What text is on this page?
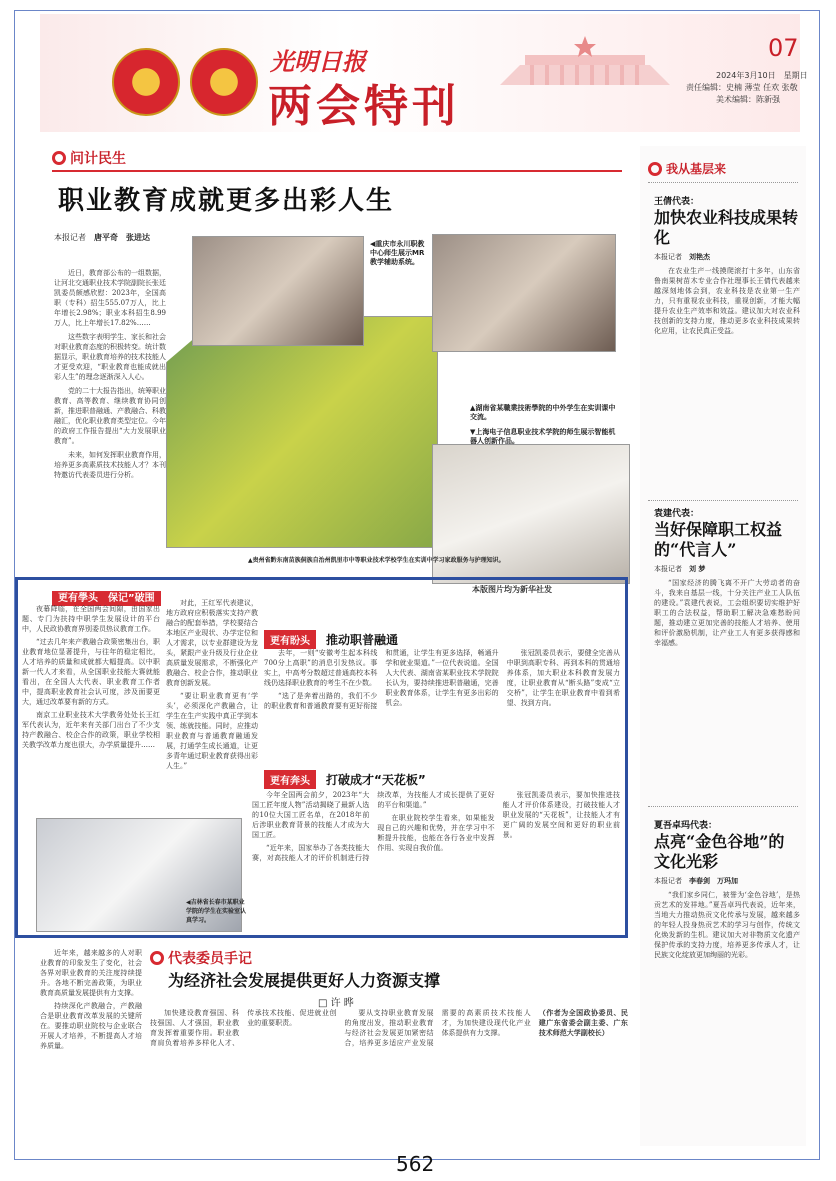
光明日报
两会特刊
07
2024年3月10日　星期日
责任编辑：史楠 薄莹 任欢 张敬
美术编辑：陈新强
问计民生
职业教育成就更多出彩人生
本报记者　 唐平奇　张进达

近日，教育部公布的一组数据，让河北交通职业技术学院副院长张廷凯委员颇感欣慰：2023年，全国高职（专科）招生555.07万人，比上年增长2.98%；职业本科招生8.99万人，比上年增长17.82%……

这些数字表明学生、家长和社会对职业教育态度的积极转变。统计数据显示，职业教育培养的技术技能人才更受欢迎，“职业教育也能成就出彩人生”的理念逐渐深入人心。

党的二十大报告指出，统筹职业教育、高等教育、继续教育协同创新，推进职普融通、产教融合、科教融汇，优化职业教育类型定位。今年的政府工作报告提出“大力发展职业教育”。

未来，如何发挥职业教育作用，培养更多高素质技术技能人才？本刊特邀访代表委员进行分析。

◀重庆市永川职教中心师生展示MR教学辅助系统。
▲贵州省黔东南苗族侗族自治州凯里市中等职业技术学校学生在实训中学习家政服务与护理知识。
▲湖南省某職業技術學院的中外学生在实训课中交流。
▼上海电子信息职业技术学院的师生展示智能机器人创新作品。
本版图片均为新华社发
更有學头　保记”破围

夜幕降临，在全国两会间隙，由国家出题、专门为扶持中职学生发展设计的平台中，人民政协教育界别委员热议教育工作。

“过去几年来产教融合政策密集出台，职业教育地位显著提升，与往年的稳定相比，人才培养的质量和成就都大幅提高。以中职新一代人才来看，从全国职业技能大赛就能看出，在全国人大代表、职业教育工作者中，提高职业教育社会认可度，涉及面要更大，通过改革要有新的方式。

南京工业职业技术大学教务处处长王红军代表认为，近年来有关部门出台了不少支持产教融合、校企合作的政策，职业学校相关教学改革力度也很大，办学质量提升……

对此，王红军代表建议，地方政府应积极落实支持产教融合的配套举措，学校要结合本地区产业现状、办学定位和人才需求，以专业群建设为龙头，紧跟产业升级及行业企业高质量发展需求，不断强化产教融合、校企合作，推动职业教育创新发展。

“要让职业教育更有‘学头’，必须深化产教融合，让学生在生产实践中真正学到本领、练就技能。同时，应推动职业教育与普通教育融通发展，打通学生成长通道，让更多青年通过职业教育获得出彩人生。”

更有盼头	推动职普融通

去年，一则“安徽考生起本科线700分上高职”的消息引发热议。事实上，中高考分数超过普通高校本科线仍选择职业教育的考生不在少数。

“选了是奔着出路的，我们不少的职业教育和普通教育要有更好衔接和贯通，让学生有更多选择，畅通升学和就业渠道。”一位代表说道。全国人大代表、湖南省某职业技术学院院长认为，要持续推进职普融通，完善职业教育体系，让学生有更多出彩的机会。

张冠凯委员表示，要健全完善从中职到高职专科、再到本科的贯通培养体系，加大职业本科教育发展力度，让职业教育从“断头路”变成“立交桥”，让学生在职业教育中看到希望、找到方向。

更有奔头	打破成才“天花板”

今年全国两会前夕，2023年“大国工匠年度人物”活动揭晓了最新人选的10位大国工匠名单，在2018年前后涉职业教育背景的技能人才成为大国工匠。

“近年来，国家举办了各类技能大赛，对高技能人才的评价机制进行持续改革，为技能人才成长提供了更好的平台和渠道。”

在职业院校学生看来，如果能发现自己的兴趣和优势，并在学习中不断提升技能，也能在各行各业中发挥作用、实现自我价值。

张冠凯委员表示，要加快推进技能人才评价体系建设，打破技能人才职业发展的“天花板”，让技能人才有更广阔的发展空间和更好的职业前景。

◀吉林省长春市某职业学院的学生在实验室认真学习。

近年来，越来越多的人对职业教育的印象发生了变化，社会各界对职业教育的关注度持续提升。各地不断完善政策，为职业教育高质量发展提供有力支撑。

持续深化产教融合，产教融合是职业教育改革发展的关键所在。要推动职业院校与企业联合开展人才培养，不断提高人才培养质量。

代表委员手记
为经济社会发展提供更好人力资源支撑
□ 许 晔

加快建设教育强国、科技强国、人才强国，职业教育发挥着重要作用。职业教育肩负着培养多样化人才、传承技术技能、促进就业创业的重要职责。

要从支持职业教育发展的角度出发，推动职业教育与经济社会发展更加紧密结合，培养更多适应产业发展需要的高素质技术技能人才，为加快建设现代化产业体系提供有力支撑。

（作者为全国政协委员、民建广东省委会副主委、广东技术师范大学副校长）

我从基层来
王倩代表：
加快农业科技成果转化
本报记者　 刘艳杰
在农业生产一线摸爬滚打十多年，山东省鲁南果树苗木专业合作社理事长王倩代表越来越深刻地体会到，农业科技是农业第一生产力，只有重视农业科技，重视创新，才能大幅提升农业生产效率和效益。建议加大对农业科技创新的支持力度，推动更多农业科技成果转化应用，让农民真正受益。
袁建代表：
当好保障职工权益的“代言人”
本报记者　 刘 梦
“国家经济的腾飞离不开广大劳动者的奋斗，我来自基层一线，十分关注产业工人队伍的建设。”袁建代表说，工会组织要切实维护好职工的合法权益，帮助职工解决急难愁盼问题，推动建立更加完善的技能人才培养、使用和评价激励机制，让产业工人有更多获得感和幸福感。
夏吾卓玛代表：
点亮“金色谷地”的文化光彩
本报记者　 李春剑　万玛加
“我们家乡同仁，被誉为‘金色谷地’，是热贡艺术的发祥地。”夏吾卓玛代表说，近年来，当地大力推动热贡文化传承与发展，越来越多的年轻人投身热贡艺术的学习与创作，传统文化焕发新的生机。建议加大对非物质文化遗产保护传承的支持力度，培养更多传承人才，让民族文化绽放更加绚丽的光彩。
562
